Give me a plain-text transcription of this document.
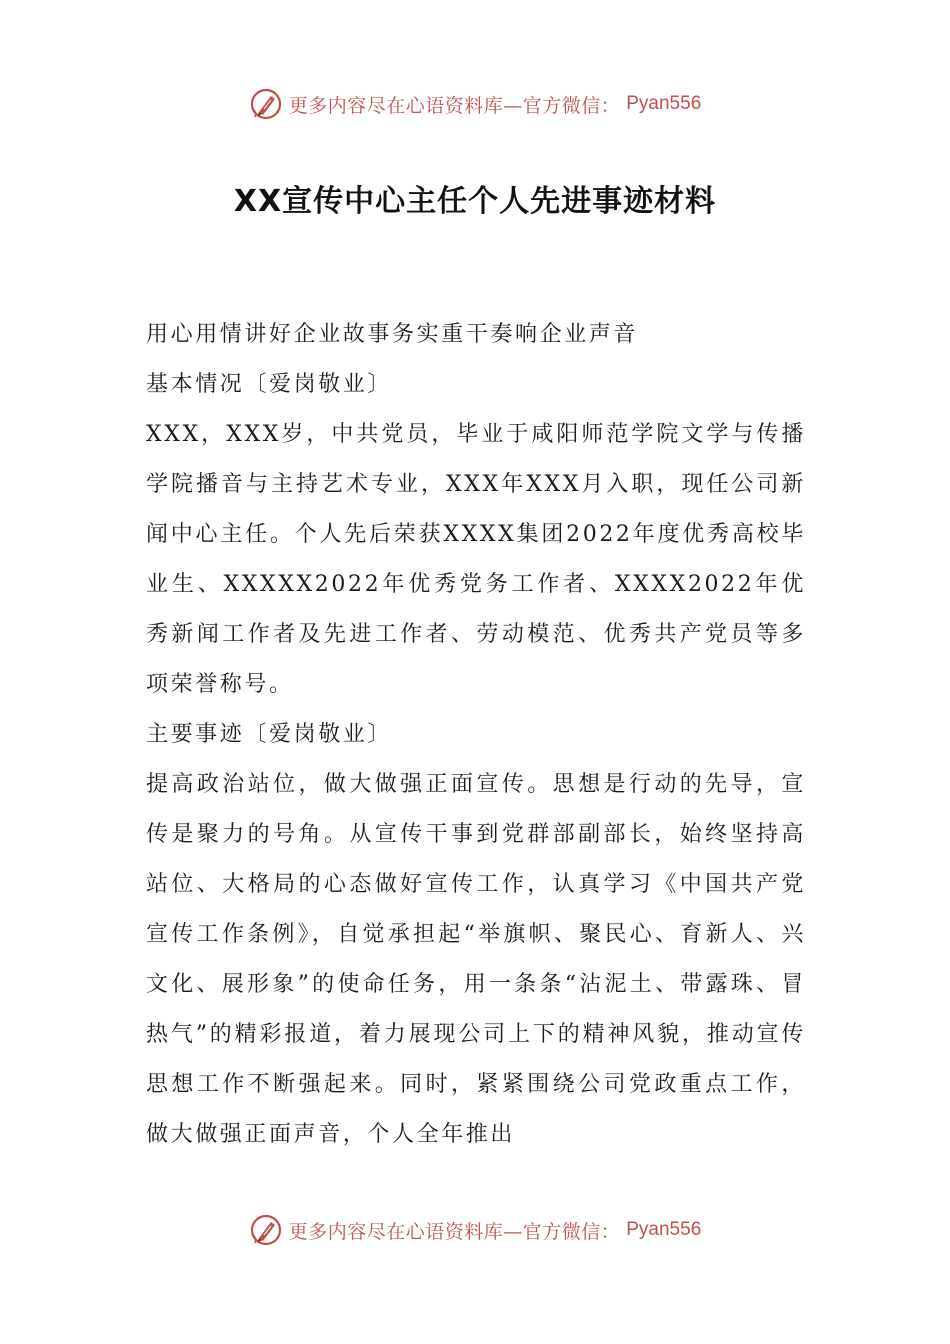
更多内容尽在心语资料库—官方微信： Pyan556
XX宣传中心主任个人先进事迹材料

用心用情讲好企业故事务实重干奏响企业声音

基本情况〔爱岗敬业〕

XXX，XXX岁，中共党员，毕业于咸阳师范学院文学与传播学院播音与主持艺术专业，XXX年XXX月入职，现任公司新闻中心主任。个人先后荣获XXXX集团2022年度优秀高校毕业生、XXXXX2022年优秀党务工作者、XXXX2022年优秀新闻工作者及先进工作者、劳动模范、优秀共产党员等多项荣誉称号。

主要事迹〔爱岗敬业〕

提高政治站位，做大做强正面宣传。思想是行动的先导，宣传是聚力的号角。从宣传干事到党群部副部长，始终坚持高站位、大格局的心态做好宣传工作，认真学习《中国共产党宣传工作条例》，自觉承担起“举旗帜、聚民心、育新人、兴文化、展形象”的使命任务，用一条条“沾泥土、带露珠、冒热气”的精彩报道，着力展现公司上下的精神风貌，推动宣传思想工作不断强起来。同时，紧紧围绕公司党政重点工作，做大做强正面声音，个人全年推出

更多内容尽在心语资料库—官方微信： Pyan556
